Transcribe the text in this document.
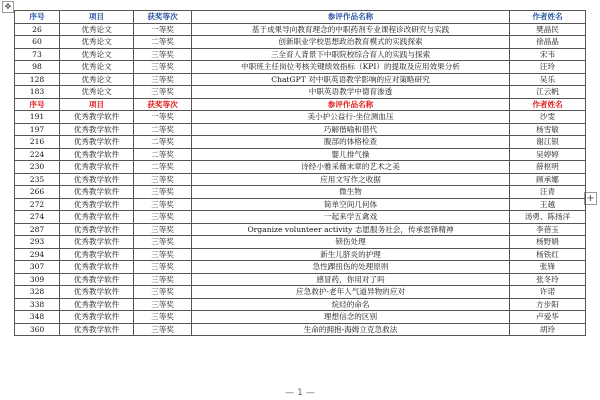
✥
+
序号	项目	获奖等次	参评作品名称	作者姓名
26	优秀论文	一等奖	基于成果导向教育理念的中职药剂专业课程诊改研究与实践	樊晶民
60	优秀论文	二等奖	创新职业学校思想政治教育模式的实践探索	徐晶晶
73	优秀论文	三等奖	三全育人背景下中职院校综合育人的实践与探索	宋韦
98	优秀论文	三等奖	中职班主任岗位考核关键绩效指标（KPI）的提取及应用效果分析	汪玲
128	优秀论文	三等奖	ChatGPT 对中职英语教学影响的应对策略研究	吴乐
183	优秀论文	三等奖	中职英语教学中德育渗透	江云帆
序号	项目	获奖等次	参评作品名称	作者姓名
191	优秀教学软件	一等奖	美小护公益行-坐位测血压	沙雯
197	优秀教学软件	二等奖	巧解偕喻和借代	杨雪敏
216	优秀教学软件	二等奖	腹部的体格检查	谢江银
224	优秀教学软件	二等奖	婴儿排气操	吴婷婷
230	优秀教学软件	二等奖	诗经小雅采薇末章的艺术之美	薛枢明
235	优秀教学软件	三等奖	应用文写作之收据	顾承娜
266	优秀教学软件	三等奖	微生物	汪青
272	优秀教学软件	三等奖	简单空间几何体	王越
274	优秀教学软件	三等奖	一起来学五禽戏	汤勇、陈扬洋
287	优秀教学软件	三等奖	Organize volunteer activity 志愿服务社会，传承雷锋精神	李蓓玉
293	优秀教学软件	三等奖	锁伤处理	杨野娟
294	优秀教学软件	三等奖	新生儿脐炎的护理	杨铁红
307	优秀教学软件	三等奖	急性踝扭伤的处理原则	张锋
309	优秀教学软件	三等奖	感冒药，你用对了吗	张冬玲
328	优秀教学软件	三等奖	应急救护-老年人气道异物的应对	许诺
338	优秀教学软件	三等奖	烷烃的命名	方步阳
348	优秀教学软件	三等奖	理想信念的区别	卢爱华
360	优秀教学软件	三等奖	生命的拥抱-海姆立克急救法	胡玲
— 1 —
